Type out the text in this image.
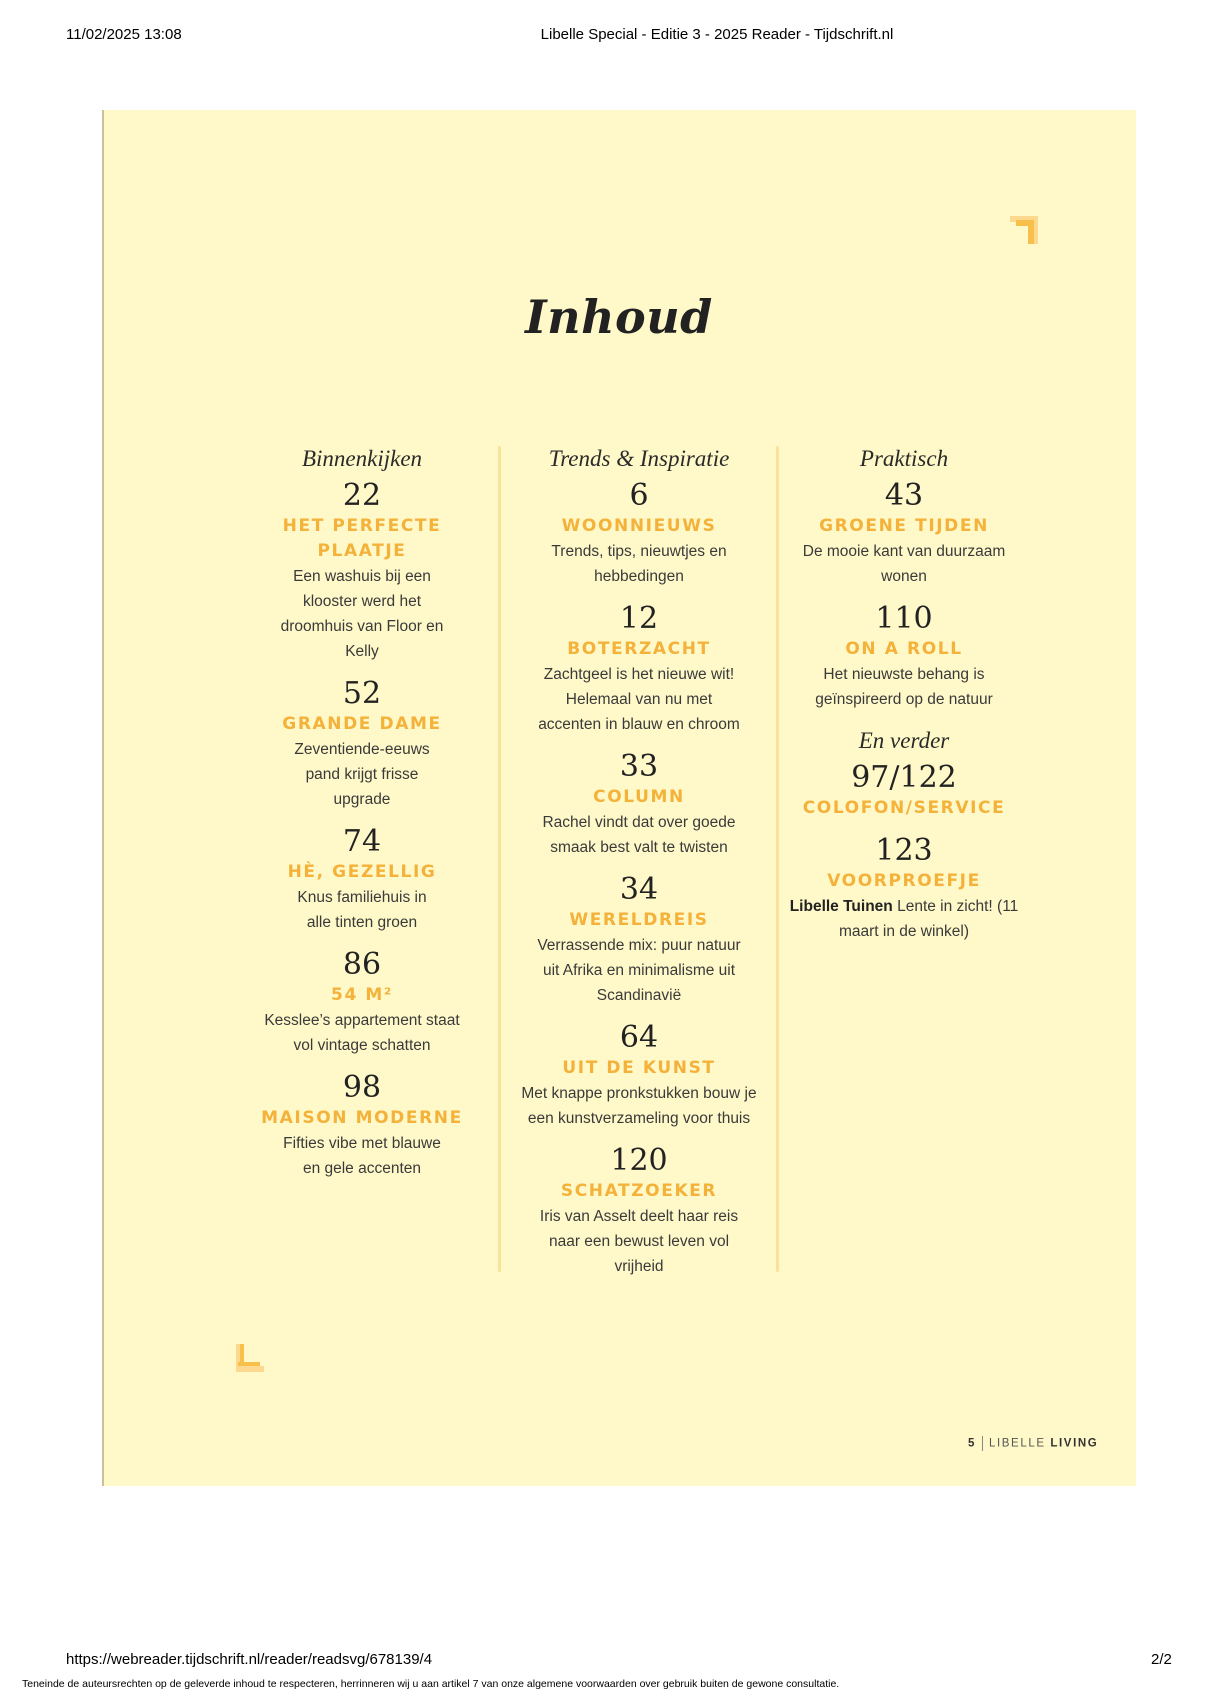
11/02/2025 13:08	Libelle Special - Editie 3 - 2025 Reader - Tijdschrift.nl
Inhoud
Binnenkijken
22
HET PERFECTE PLAATJE
Een washuis bij een klooster werd het droomhuis van Floor en Kelly
52
GRANDE DAME
Zeventiende-eeuws pand krijgt frisse upgrade
74
HÈ, GEZELLIG
Knus familiehuis in alle tinten groen
86
54 M²
Kesslee’s appartement staat vol vintage schatten
98
MAISON MODERNE
Fifties vibe met blauwe en gele accenten
Trends & Inspiratie
6
WOONNIEUWS
Trends, tips, nieuwtjes en hebbedingen
12
BOTERZACHT
Zachtgeel is het nieuwe wit! Helemaal van nu met accenten in blauw en chroom
33
COLUMN
Rachel vindt dat over goede smaak best valt te twisten
34
WERELDREIS
Verrassende mix: puur natuur uit Afrika en minimalisme uit Scandinavië
64
UIT DE KUNST
Met knappe pronkstukken bouw je een kunstverzameling voor thuis
120
SCHATZOEKER
Iris van Asselt deelt haar reis naar een bewust leven vol vrijheid
Praktisch
43
GROENE TIJDEN
De mooie kant van duurzaam wonen
110
ON A ROLL
Het nieuwste behang is geïnspireerd op de natuur
En verder
97/122
COLOFON/SERVICE
123
VOORPROEFJE
Libelle Tuinen Lente in zicht! (11 maart in de winkel)
5 LIBELLE LIVING
https://webreader.tijdschrift.nl/reader/readsvg/678139/4	2/2
Teneinde de auteursrechten op de geleverde inhoud te respecteren, herrinneren wij u aan artikel 7 van onze algemene voorwaarden over gebruik buiten de gewone consultatie.
